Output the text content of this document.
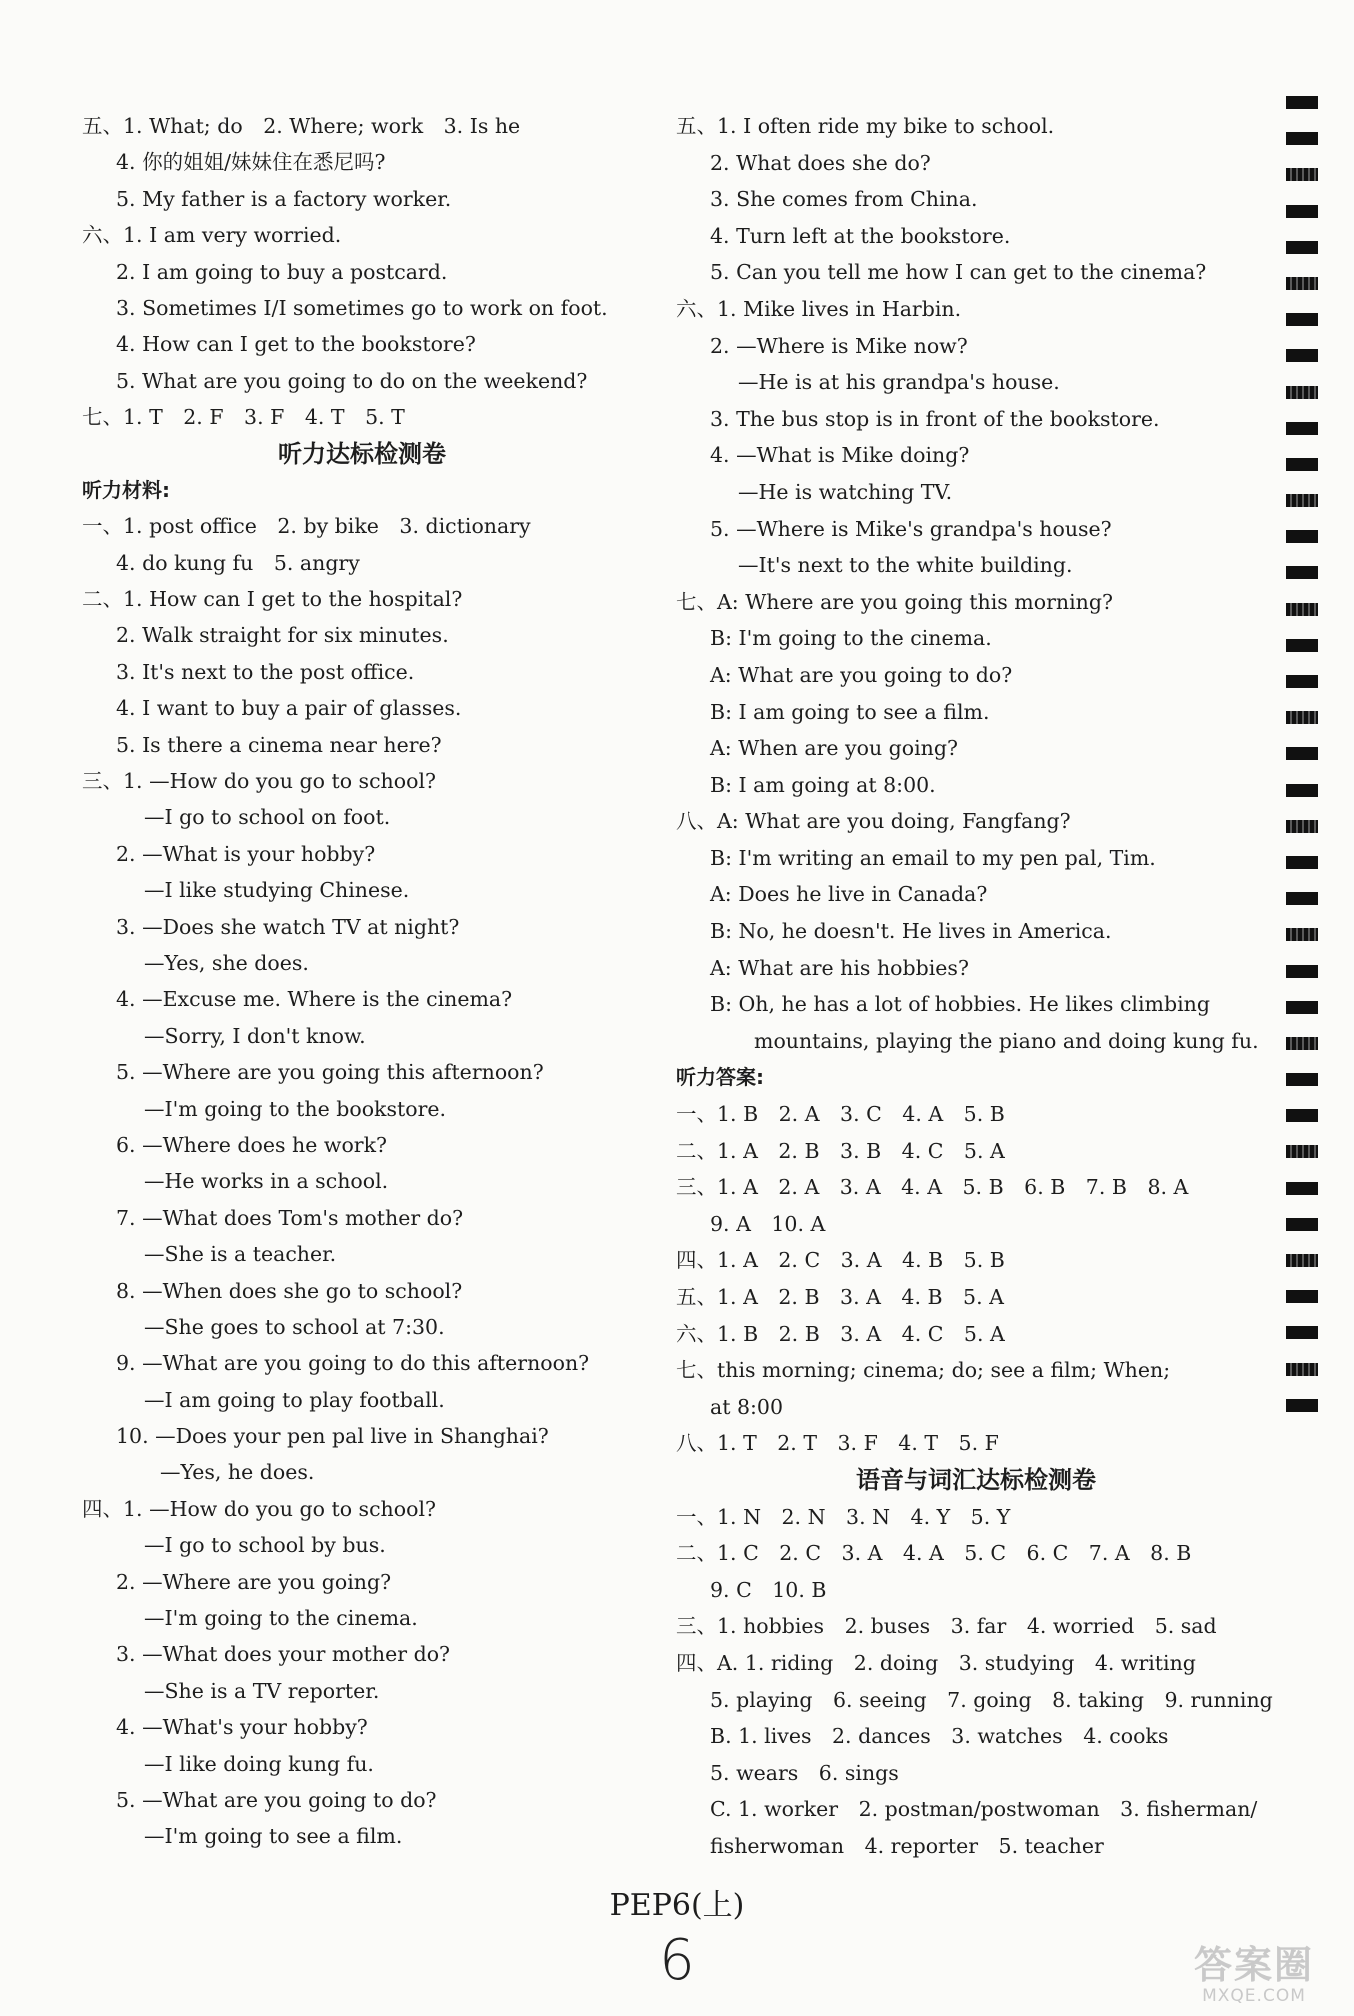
五、1. What; do　2. Where; work　3. Is he
4. 你的姐姐/妹妹住在悉尼吗?
5. My father is a factory worker.
六、1. I am very worried.
2. I am going to buy a postcard.
3. Sometimes I/I sometimes go to work on foot.
4. How can I get to the bookstore?
5. What are you going to do on the weekend?
七、1. T　2. F　3. F　4. T　5. T
听力达标检测卷
听力材料:
一、1. post office　2. by bike　3. dictionary
4. do kung fu　5. angry
二、1. How can I get to the hospital?
2. Walk straight for six minutes.
3. It's next to the post office.
4. I want to buy a pair of glasses.
5. Is there a cinema near here?
三、1. —How do you go to school?
—I go to school on foot.
2. —What is your hobby?
—I like studying Chinese.
3. —Does she watch TV at night?
—Yes, she does.
4. —Excuse me. Where is the cinema?
—Sorry, I don't know.
5. —Where are you going this afternoon?
—I'm going to the bookstore.
6. —Where does he work?
—He works in a school.
7. —What does Tom's mother do?
—She is a teacher.
8. —When does she go to school?
—She goes to school at 7:30.
9. —What are you going to do this afternoon?
—I am going to play football.
10. —Does your pen pal live in Shanghai?
—Yes, he does.
四、1. —How do you go to school?
—I go to school by bus.
2. —Where are you going?
—I'm going to the cinema.
3. —What does your mother do?
—She is a TV reporter.
4. —What's your hobby?
—I like doing kung fu.
5. —What are you going to do?
—I'm going to see a film.
五、1. I often ride my bike to school.
2. What does she do?
3. She comes from China.
4. Turn left at the bookstore.
5. Can you tell me how I can get to the cinema?
六、1. Mike lives in Harbin.
2. —Where is Mike now?
—He is at his grandpa's house.
3. The bus stop is in front of the bookstore.
4. —What is Mike doing?
—He is watching TV.
5. —Where is Mike's grandpa's house?
—It's next to the white building.
七、A: Where are you going this morning?
B: I'm going to the cinema.
A: What are you going to do?
B: I am going to see a film.
A: When are you going?
B: I am going at 8:00.
八、A: What are you doing, Fangfang?
B: I'm writing an email to my pen pal, Tim.
A: Does he live in Canada?
B: No, he doesn't. He lives in America.
A: What are his hobbies?
B: Oh, he has a lot of hobbies. He likes climbing
mountains, playing the piano and doing kung fu.
听力答案:
一、1. B　2. A　3. C　4. A　5. B
二、1. A　2. B　3. B　4. C　5. A
三、1. A　2. A　3. A　4. A　5. B　6. B　7. B　8. A
9. A　10. A
四、1. A　2. C　3. A　4. B　5. B
五、1. A　2. B　3. A　4. B　5. A
六、1. B　2. B　3. A　4. C　5. A
七、this morning; cinema; do; see a film; When;
at 8:00
八、1. T　2. T　3. F　4. T　5. F
语音与词汇达标检测卷
一、1. N　2. N　3. N　4. Y　5. Y
二、1. C　2. C　3. A　4. A　5. C　6. C　7. A　8. B
9. C　10. B
三、1. hobbies　2. buses　3. far　4. worried　5. sad
四、A. 1. riding　2. doing　3. studying　4. writing
5. playing　6. seeing　7. going　8. taking　9. running
B. 1. lives　2. dances　3. watches　4. cooks
5. wears　6. sings
C. 1. worker　2. postman/postwoman　3. fisherman/
fisherwoman　4. reporter　5. teacher
PEP6(上)
6	答案圈
MXQE.COM
